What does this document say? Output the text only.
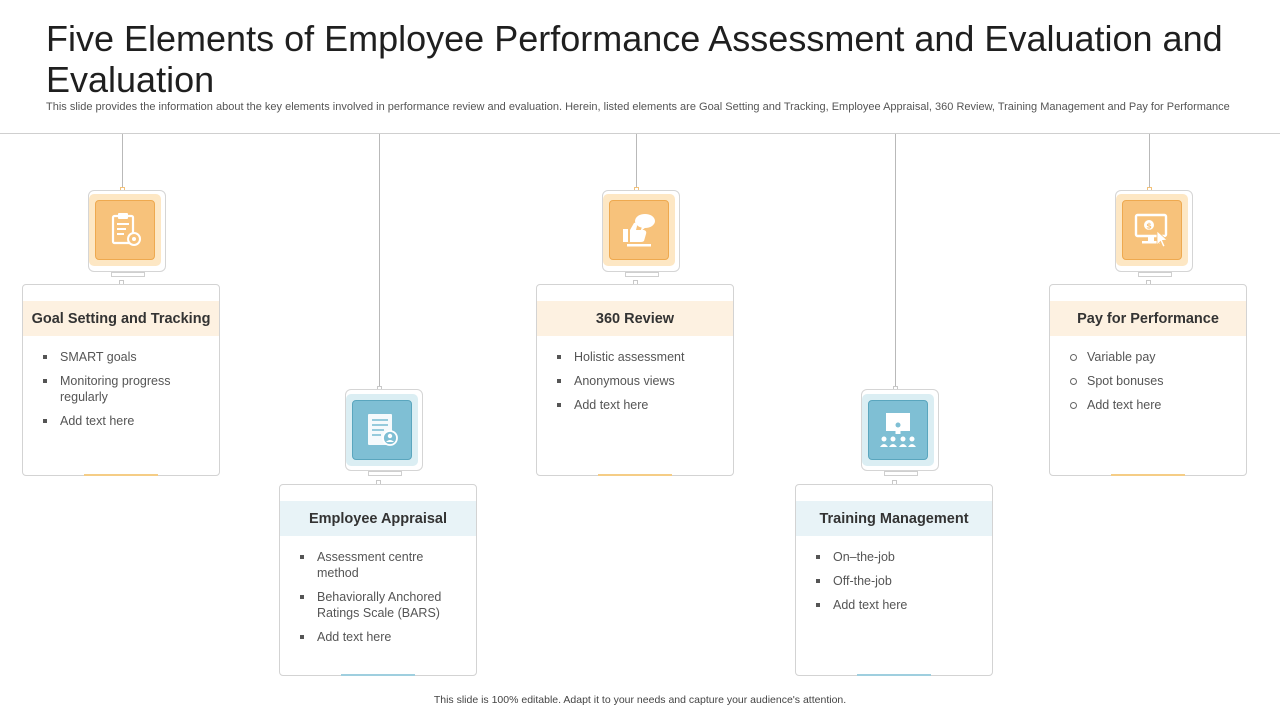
Five Elements of Employee Performance Assessment and Evaluation and Evaluation
This slide provides the information about the key elements involved in performance review and evaluation. Herein, listed elements are Goal Setting and Tracking, Employee Appraisal, 360 Review, Training Management and Pay for Performance
Goal Setting and Tracking
SMART goals
Monitoring progress regularly
Add text here
Employee Appraisal
Assessment centre method
Behaviorally Anchored Ratings Scale (BARS)
Add text here
360 Review
Holistic assessment
Anonymous views
Add text here
Training Management
On–the-job
Off-the-job
Add text here
$
Pay for Performance
Variable pay
Spot bonuses
Add text here
This slide is 100% editable. Adapt it to your needs and capture your audience's attention.
